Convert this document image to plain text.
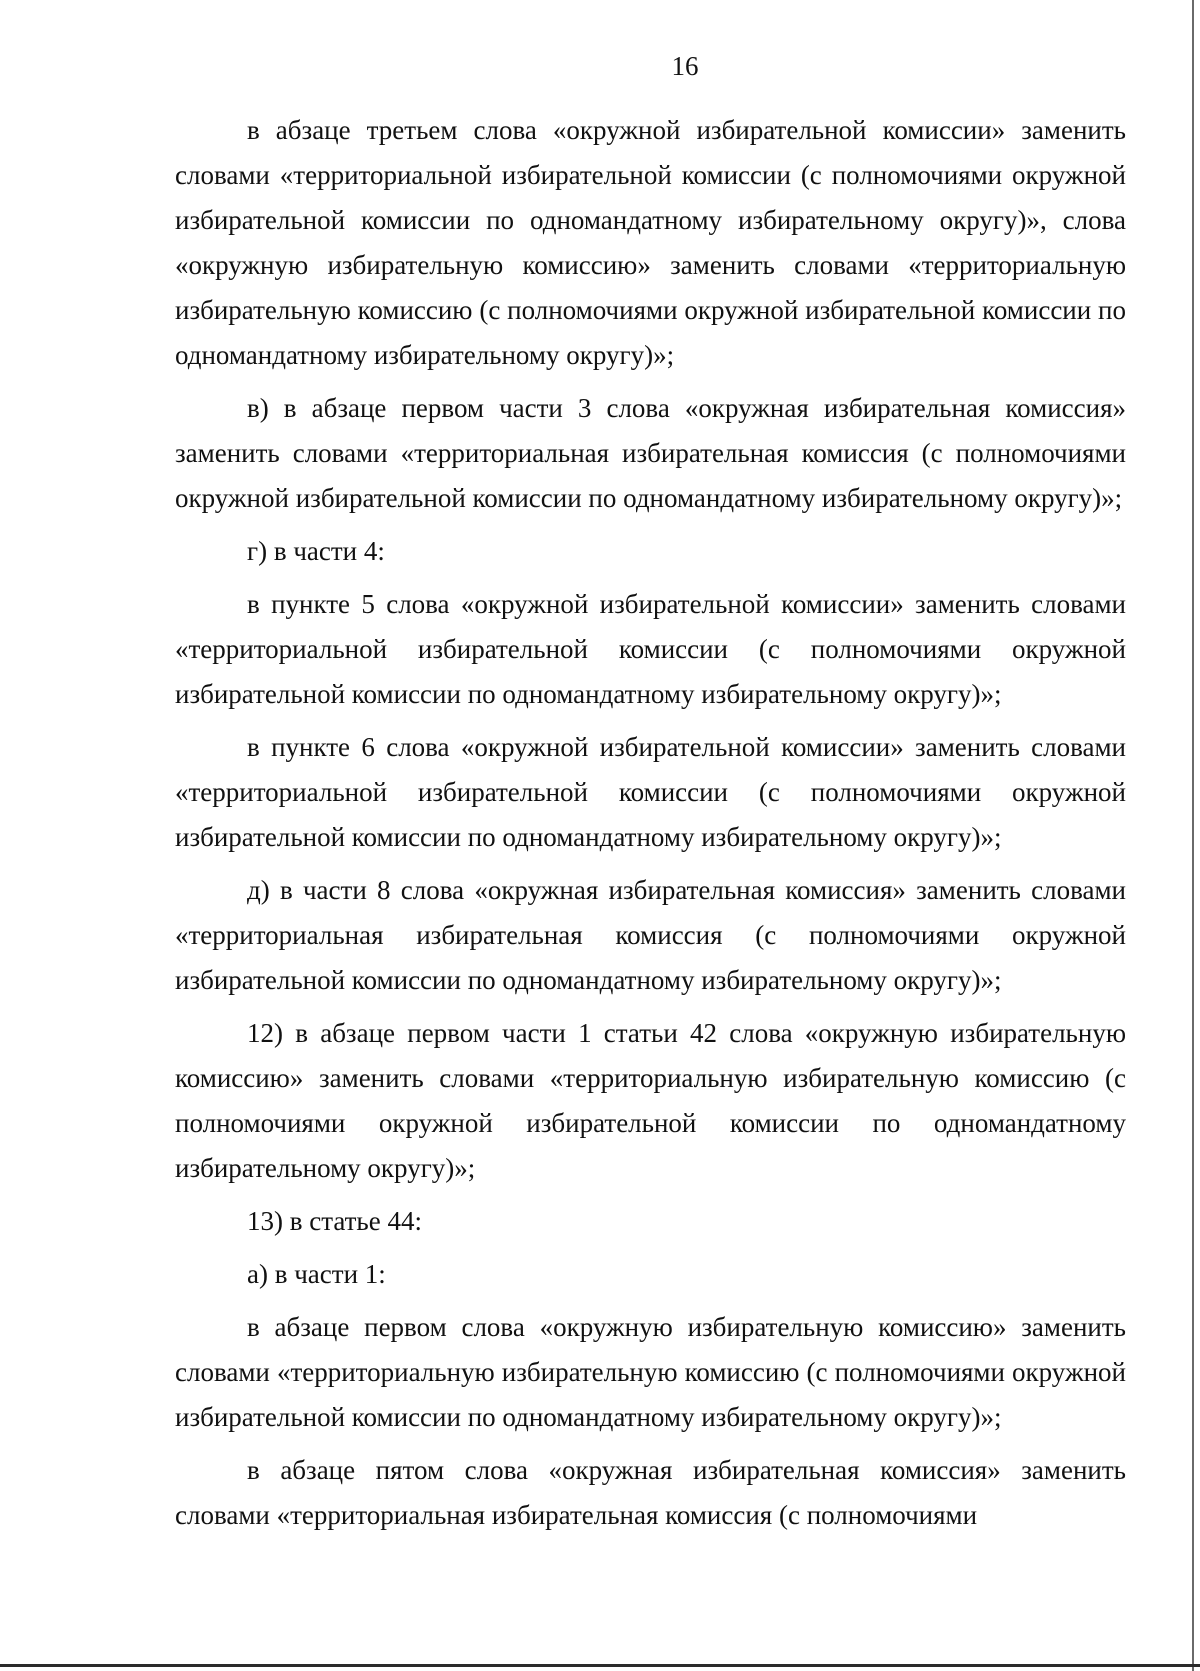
16

в абзаце третьем слова «окружной избирательной комиссии» заменить словами «территориальной избирательной комиссии (с полномочиями окружной избирательной комиссии по одномандатному избирательному округу)», слова «окружную избирательную комиссию» заменить словами «территориальную избирательную комиссию (с полномочиями окружной избирательной комиссии по одномандатному избирательному округу)»;

в) в абзаце первом части 3 слова «окружная избирательная комиссия» заменить словами «территориальная избирательная комиссия (с полномочиями окружной избирательной комиссии по одномандатному избирательному округу)»;

г) в части 4:

в пункте 5 слова «окружной избирательной комиссии» заменить словами «территориальной избирательной комиссии (с полномочиями окружной избирательной комиссии по одномандатному избирательному округу)»;

в пункте 6 слова «окружной избирательной комиссии» заменить словами «территориальной избирательной комиссии (с полномочиями окружной избирательной комиссии по одномандатному избирательному округу)»;

д) в части 8 слова «окружная избирательная комиссия» заменить словами «территориальная избирательная комиссия (с полномочиями окружной избирательной комиссии по одномандатному избирательному округу)»;

12) в абзаце первом части 1 статьи 42 слова «окружную избирательную комиссию» заменить словами «территориальную избирательную комиссию (с полномочиями окружной избирательной комиссии по одномандатному избирательному округу)»;

13) в статье 44:

а) в части 1:

в абзаце первом слова «окружную избирательную комиссию» заменить словами «территориальную избирательную комиссию (с полномочиями окружной избирательной комиссии по одномандатному избирательному округу)»;

в абзаце пятом слова «окружная избирательная комиссия» заменить словами «территориальная избирательная комиссия (с полномочиями
